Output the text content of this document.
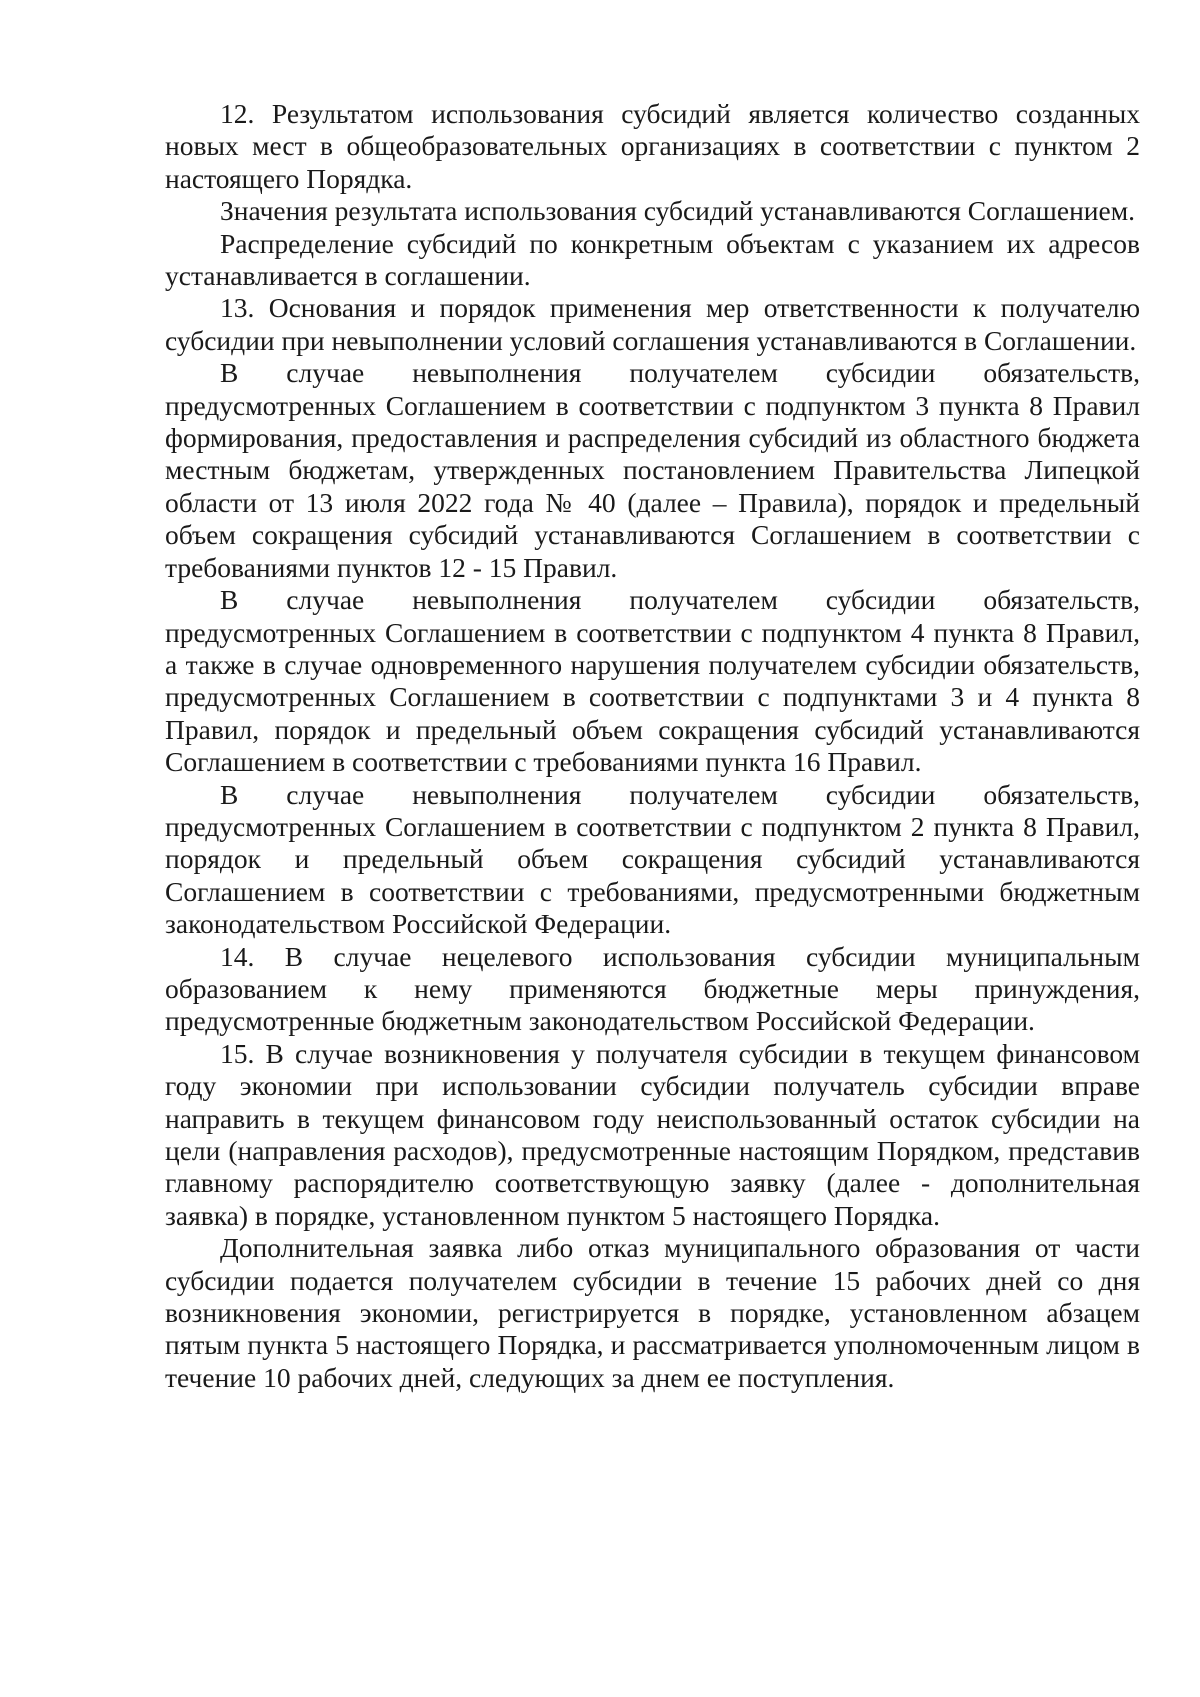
12. Результатом использования субсидий является количество созданных новых мест в общеобразовательных организациях в соответствии с пунктом 2 настоящего Порядка.

Значения результата использования субсидий устанавливаются Соглашением.

Распределение субсидий по конкретным объектам с указанием их адресов устанавливается в соглашении.

13. Основания и порядок применения мер ответственности к получателю субсидии при невыполнении условий соглашения устанавливаются в Соглашении.

В случае невыполнения получателем субсидии обязательств, предусмотренных Соглашением в соответствии с подпунктом 3 пункта 8 Правил формирования, предоставления и распределения субсидий из областного бюджета местным бюджетам, утвержденных постановлением Правительства Липецкой области от 13 июля 2022 года № 40 (далее – Правила), порядок и предельный объем сокращения субсидий устанавливаются Соглашением в соответствии с требованиями пунктов 12 - 15 Правил.

В случае невыполнения получателем субсидии обязательств, предусмотренных Соглашением в соответствии с подпунктом 4 пункта 8 Правил, а также в случае одновременного нарушения получателем субсидии обязательств, предусмотренных Соглашением в соответствии с подпунктами 3 и 4 пункта 8 Правил, порядок и предельный объем сокращения субсидий устанавливаются Соглашением в соответствии с требованиями пункта 16 Правил.

В случае невыполнения получателем субсидии обязательств, предусмотренных Соглашением в соответствии с подпунктом 2 пункта 8 Правил, порядок и предельный объем сокращения субсидий устанавливаются Соглашением в соответствии с требованиями, предусмотренными бюджетным законодательством Российской Федерации.

14. В случае нецелевого использования субсидии муниципальным образованием к нему применяются бюджетные меры принуждения, предусмотренные бюджетным законодательством Российской Федерации.

15. В случае возникновения у получателя субсидии в текущем финансовом году экономии при использовании субсидии получатель субсидии вправе направить в текущем финансовом году неиспользованный остаток субсидии на цели (направления расходов), предусмотренные настоящим Порядком, представив главному распорядителю соответствующую заявку (далее - дополнительная заявка) в порядке, установленном пунктом 5 настоящего Порядка.

Дополнительная заявка либо отказ муниципального образования от части субсидии подается получателем субсидии в течение 15 рабочих дней со дня возникновения экономии, регистрируется в порядке, установленном абзацем пятым пункта 5 настоящего Порядка, и рассматривается уполномоченным лицом в течение 10 рабочих дней, следующих за днем ее поступления.
